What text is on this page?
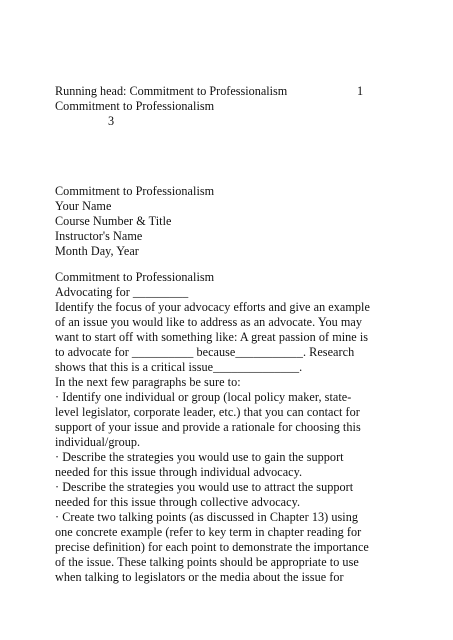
Running head: Commitment to Professionalism	1
Commitment to Professionalism
3
Commitment to Professionalism
Your Name
Course Number & Title
Instructor's Name
Month Day, Year
Commitment to Professionalism
Advocating for _________
Identify the focus of your advocacy efforts and give an example
of an issue you would like to address as an advocate. You may
want to start off with something like: A great passion of mine is
to advocate for __________ because___________. Research
shows that this is a critical issue______________.
In the next few paragraphs be sure to:
· Identify one individual or group (local policy maker, state-
level legislator, corporate leader, etc.) that you can contact for
support of your issue and provide a rationale for choosing this
individual/group.
· Describe the strategies you would use to gain the support
needed for this issue through individual advocacy.
· Describe the strategies you would use to attract the support
needed for this issue through collective advocacy.
· Create two talking points (as discussed in Chapter 13) using
one concrete example (refer to key term in chapter reading for
precise definition) for each point to demonstrate the importance
of the issue. These talking points should be appropriate to use
when talking to legislators or the media about the issue for
